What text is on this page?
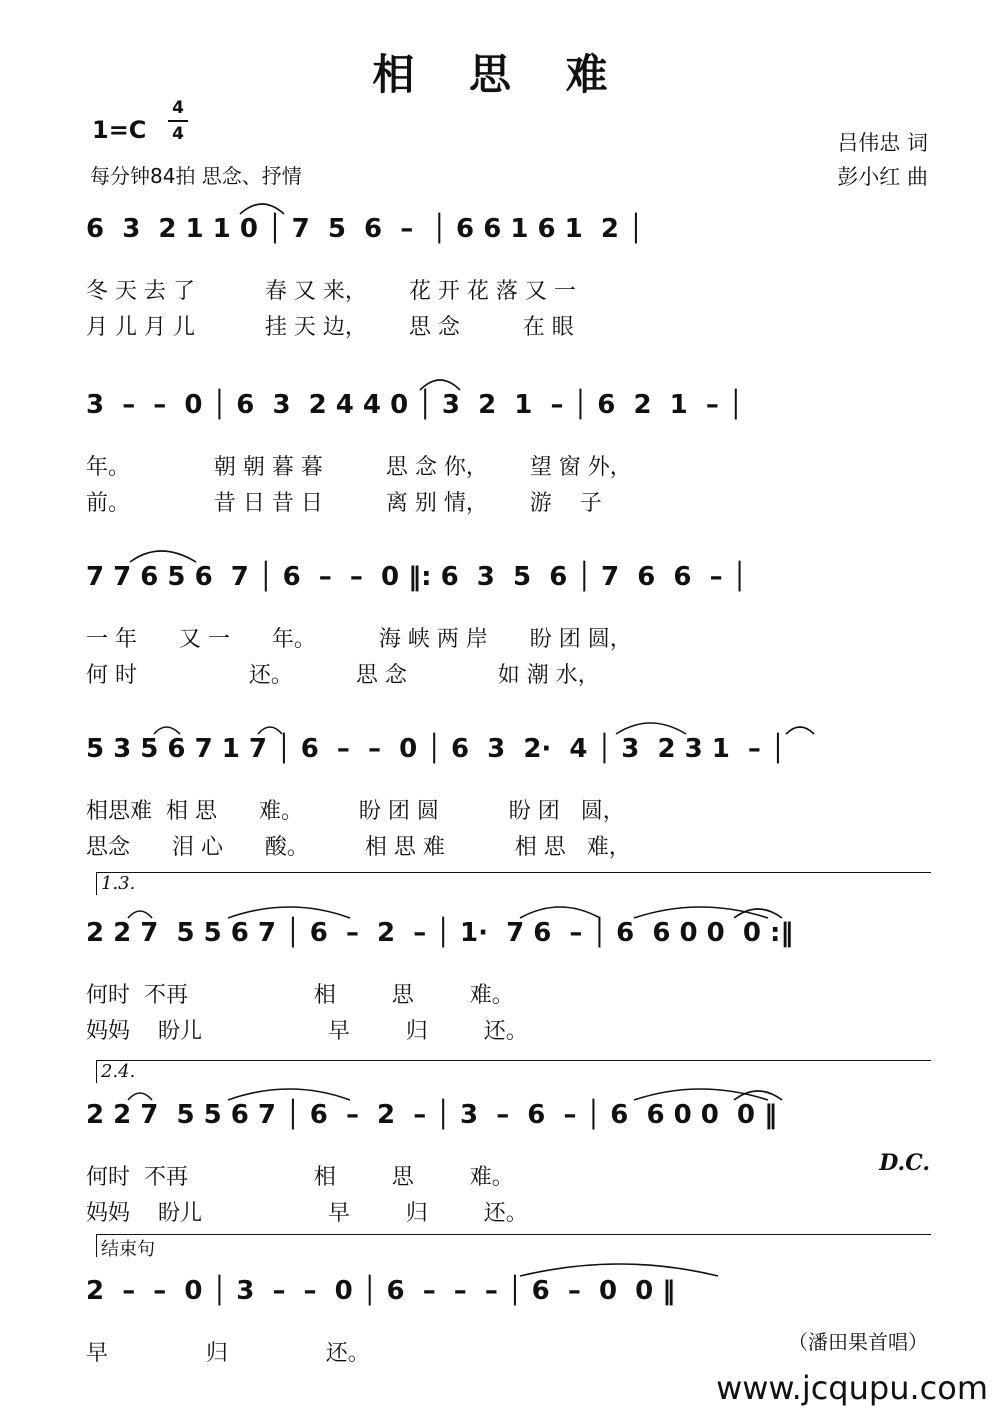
相 思 难
1=C
4
4
每分钟84拍 思念、抒情
吕伟忠 词
彭小红 曲
6  3  2 1 1 0 │ 7  5  6  –  │ 6 6 1 6 1  2 │
冬 天 去 了          春 又 来，      花 开 花 落 又 一
月 儿 月 儿          挂 天 边，      思 念         在 眼
3  –  –  0 │ 6  3  2 4 4 0 │ 3  2  1  – │ 6  2  1  – │
年。            朝 朝 暮 暮         思 念 你，      望 窗 外，
前。            昔 日 昔 日         离 别 情，      游    子
7 7 6 5 6  7 │ 6  –  –  0 ‖: 6  3  5  6 │ 7  6  6  – │
一 年      又 一      年。         海 峡 两 岸      盼 团 圆，
何 时                还。         思 念             如 潮 水，
5 3 5 6 7 1 7 │ 6  –  –  0 │ 6  3  2·  4 │ 3  2 3 1  – │
相思难  相 思      难。        盼 团 圆          盼 团   圆，
思念      泪 心      酸。        相 思 难          相 思   难，
1.3.
2 2 7  5 5 6 7 │ 6  –  2  – │ 1·  7 6  – │ 6  6 0 0  0 :‖
何时  不再                  相        思        难。
妈妈    盼儿                  早        归        还。
2.4.
2 2 7  5 5 6 7 │ 6  –  2  – │ 3  –  6  – │ 6  6 0 0  0 ‖
何时  不再                  相        思        难。
妈妈    盼儿                  早        归        还。
D.C.
结束句
2  –  –  0 │ 3  –  –  0 │ 6  –  –  – │ 6  –  0  0 ‖
早              归              还。	（潘田果首唱）
www.jcqupu.com
